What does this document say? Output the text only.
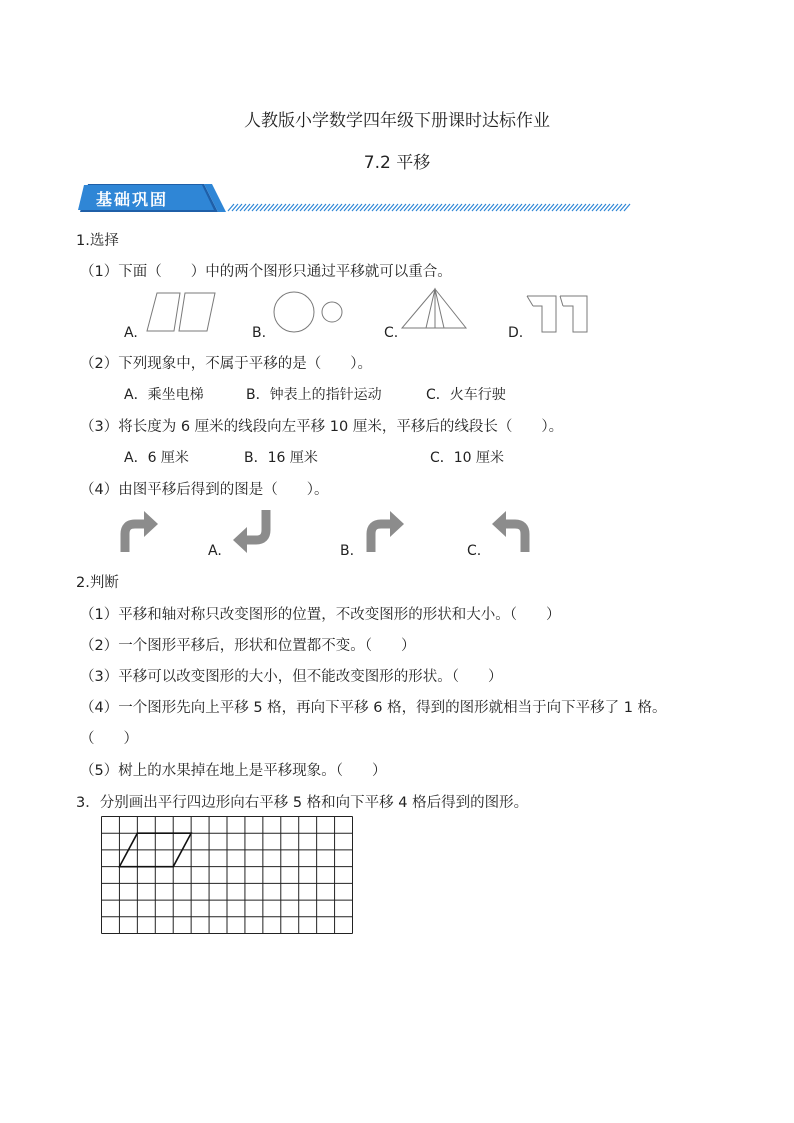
人教版小学数学四年级下册课时达标作业
7.2 平移
基础巩固
1.选择
（1）下面（　　）中的两个图形只通过平移就可以重合。
A.	B.	C.	D.
（2）下列现象中，不属于平移的是（　　）。
A．乘坐电梯	B．钟表上的指针运动	C．火车行驶
（3）将长度为 6 厘米的线段向左平移 10 厘米，平移后的线段长（　　）。
A．6 厘米	B．16 厘米	C．10 厘米
（4）由图平移后得到的图是（　　）。
A.	B.	C.
2.判断
（1）平移和轴对称只改变图形的位置，不改变图形的形状和大小。（　　）
（2）一个图形平移后，形状和位置都不变。（　　）
（3）平移可以改变图形的大小，但不能改变图形的形状。（　　）
（4）一个图形先向上平移 5 格，再向下平移 6 格，得到的图形就相当于向下平移了 1 格。
（　　）
（5）树上的水果掉在地上是平移现象。（　　）
3．分别画出平行四边形向右平移 5 格和向下平移 4 格后得到的图形。
